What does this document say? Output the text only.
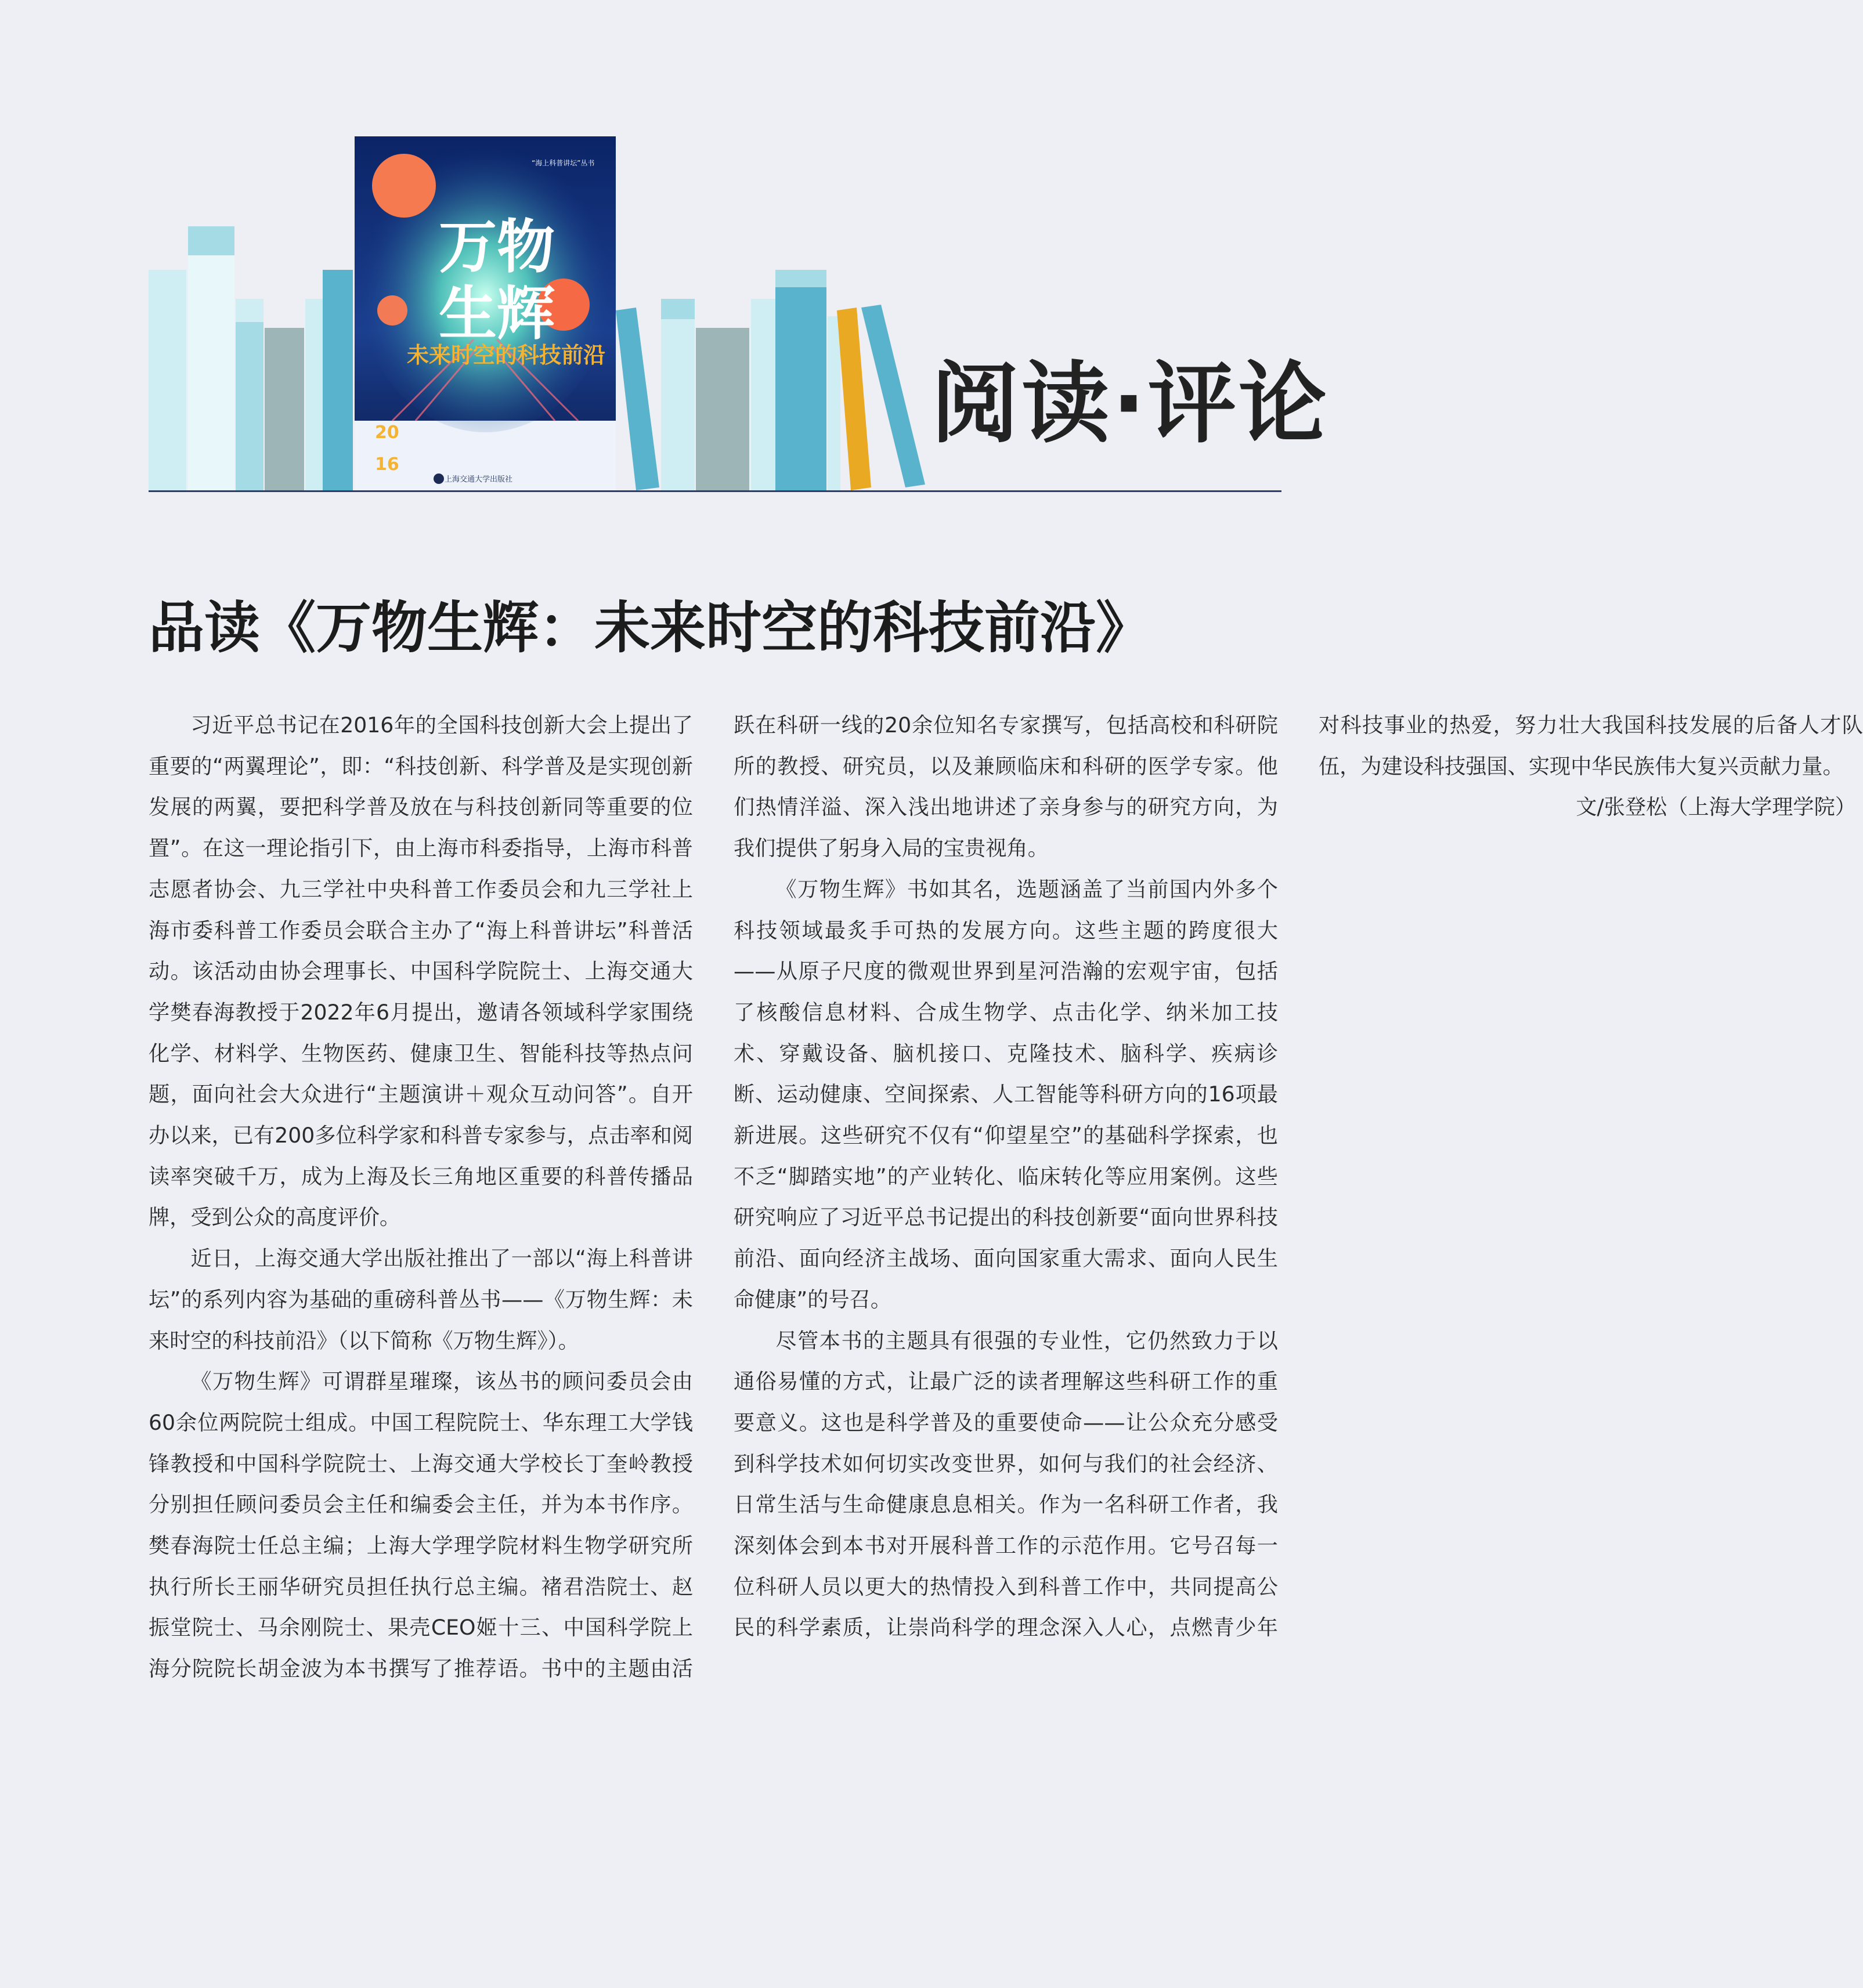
万物
生辉
未来时空的科技前沿
“海上科普讲坛”丛书
20
16
上海交通大学出版社
阅读·评论
品读《万物生辉：未来时空的科技前沿》

习近平总书记在2016年的全国科技创新大会上提出了重要的“两翼理论”，即：“科技创新、科学普及是实现创新发展的两翼，要把科学普及放在与科技创新同等重要的位置”。在这一理论指引下，由上海市科委指导，上海市科普志愿者协会、九三学社中央科普工作委员会和九三学社上海市委科普工作委员会联合主办了“海上科普讲坛”科普活动。该活动由协会理事长、中国科学院院士、上海交通大学樊春海教授于2022年6月提出，邀请各领域科学家围绕化学、材料学、生物医药、健康卫生、智能科技等热点问题，面向社会大众进行“主题演讲＋观众互动问答”。自开办以来，已有200多位科学家和科普专家参与，点击率和阅读率突破千万，成为上海及长三角地区重要的科普传播品牌，受到公众的高度评价。

近日，上海交通大学出版社推出了一部以“海上科普讲坛”的系列内容为基础的重磅科普丛书——《万物生辉：未来时空的科技前沿》（以下简称《万物生辉》）。

《万物生辉》可谓群星璀璨，该丛书的顾问委员会由60余位两院院士组成。中国工程院院士、华东理工大学钱锋教授和中国科学院院士、上海交通大学校长丁奎岭教授分别担任顾问委员会主任和编委会主任，并为本书作序。樊春海院士任总主编；上海大学理学院材料生物学研究所执行所长王丽华研究员担任执行总主编。褚君浩院士、赵振堂院士、马余刚院士、果壳CEO姬十三、中国科学院上海分院院长胡金波为本书撰写了推荐语。书中的主题由活跃在科研一线的20余位知名专家撰写，包括高校和科研院所的教授、研究员，以及兼顾临床和科研的医学专家。他们热情洋溢、深入浅出地讲述了亲身参与的研究方向，为我们提供了躬身入局的宝贵视角。

《万物生辉》书如其名，选题涵盖了当前国内外多个科技领域最炙手可热的发展方向。这些主题的跨度很大——从原子尺度的微观世界到星河浩瀚的宏观宇宙，包括了核酸信息材料、合成生物学、点击化学、纳米加工技术、穿戴设备、脑机接口、克隆技术、脑科学、疾病诊断、运动健康、空间探索、人工智能等科研方向的16项最新进展。这些研究不仅有“仰望星空”的基础科学探索，也不乏“脚踏实地”的产业转化、临床转化等应用案例。这些研究响应了习近平总书记提出的科技创新要“面向世界科技前沿、面向经济主战场、面向国家重大需求、面向人民生命健康”的号召。

尽管本书的主题具有很强的专业性，它仍然致力于以通俗易懂的方式，让最广泛的读者理解这些科研工作的重要意义。这也是科学普及的重要使命——让公众充分感受到科学技术如何切实改变世界，如何与我们的社会经济、日常生活与生命健康息息相关。作为一名科研工作者，我深刻体会到本书对开展科普工作的示范作用。它号召每一位科研人员以更大的热情投入到科普工作中，共同提高公民的科学素质，让崇尚科学的理念深入人心，点燃青少年对科技事业的热爱，努力壮大我国科技发展的后备人才队伍，为建设科技强国、实现中华民族伟大复兴贡献力量。

文/张登松（上海大学理学院）
